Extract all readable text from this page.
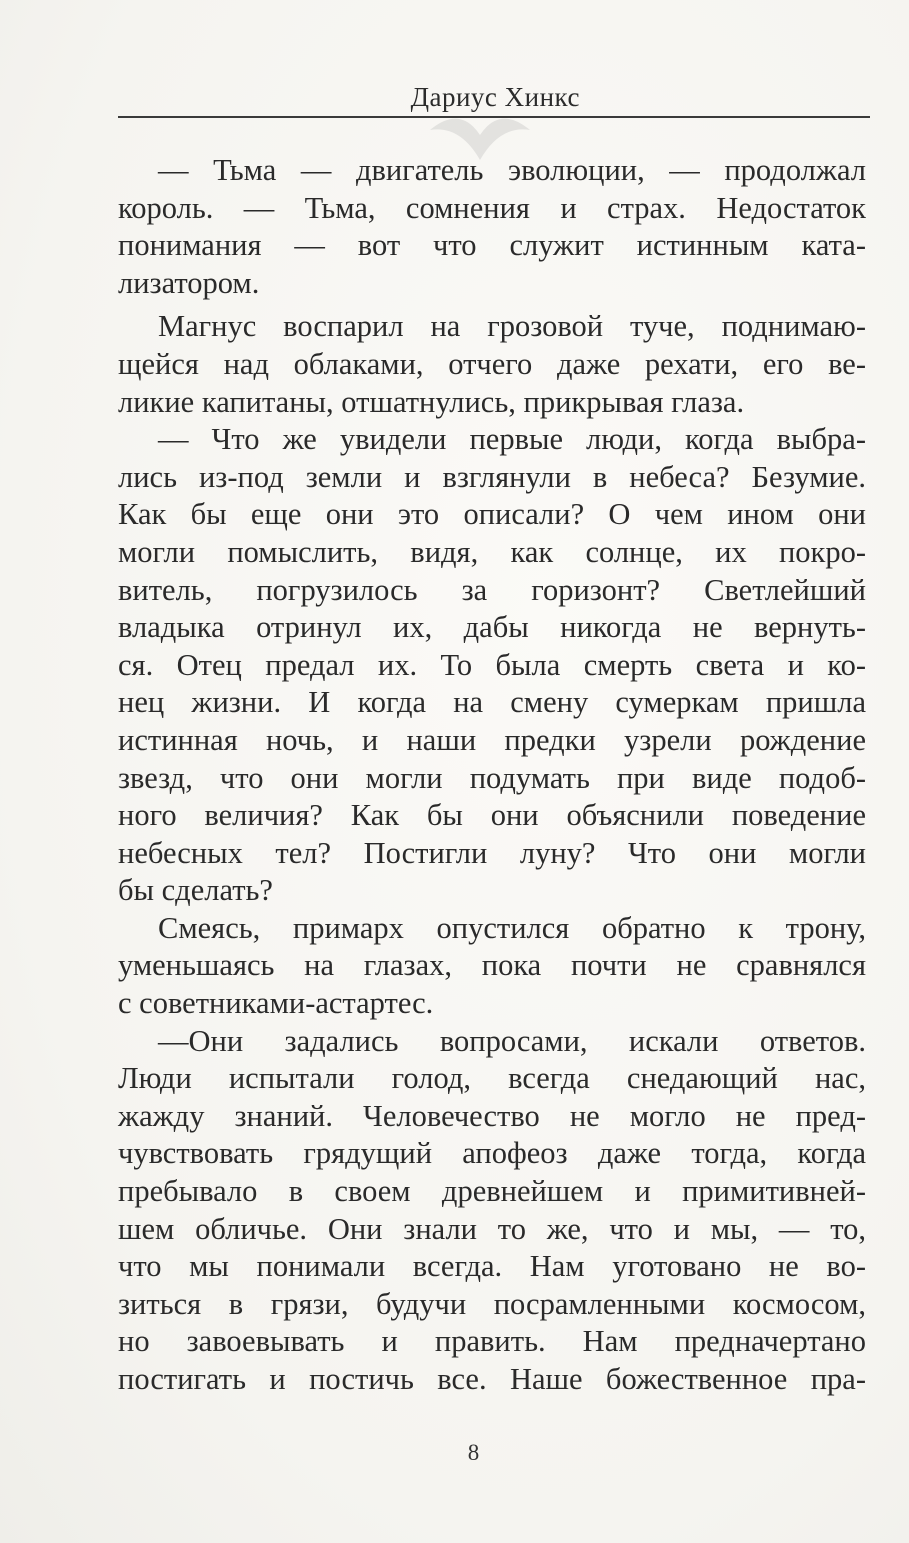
Дариус Хинкс

— Тьма — двигатель эволюции, — продолжал
король. — Тьма, сомнения и страх. Недостаток
понимания — вот что служит истинным ката-
лизатором.

Магнус воспарил на грозовой туче, поднимаю-
щейся над облаками, отчего даже рехати, его ве-
ликие капитаны, отшатнулись, прикрывая глаза.

— Что же увидели первые люди, когда выбра-
лись из-под земли и взглянули в небеса? Безумие.
Как бы еще они это описали? О чем ином они
могли помыслить, видя, как солнце, их покро-
витель, погрузилось за горизонт? Светлейший
владыка отринул их, дабы никогда не вернуть-
ся. Отец предал их. То была смерть света и ко-
нец жизни. И когда на смену сумеркам пришла
истинная ночь, и наши предки узрели рождение
звезд, что они могли подумать при виде подоб-
ного величия? Как бы они объяснили поведение
небесных тел? Постигли луну? Что они могли
бы сделать?

Смеясь, примарх опустился обратно к трону,
уменьшаясь на глазах, пока почти не сравнялся
с советниками-астартес.

—Они задались вопросами, искали ответов.
Люди испытали голод, всегда снедающий нас,
жажду знаний. Человечество не могло не пред-
чувствовать грядущий апофеоз даже тогда, когда
пребывало в своем древнейшем и примитивней-
шем обличье. Они знали то же, что и мы, — то,
что мы понимали всегда. Нам уготовано не во-
зиться в грязи, будучи посрамленными космосом,
но завоевывать и править. Нам предначертано
постигать и постичь все. Наше божественное пра-

8
